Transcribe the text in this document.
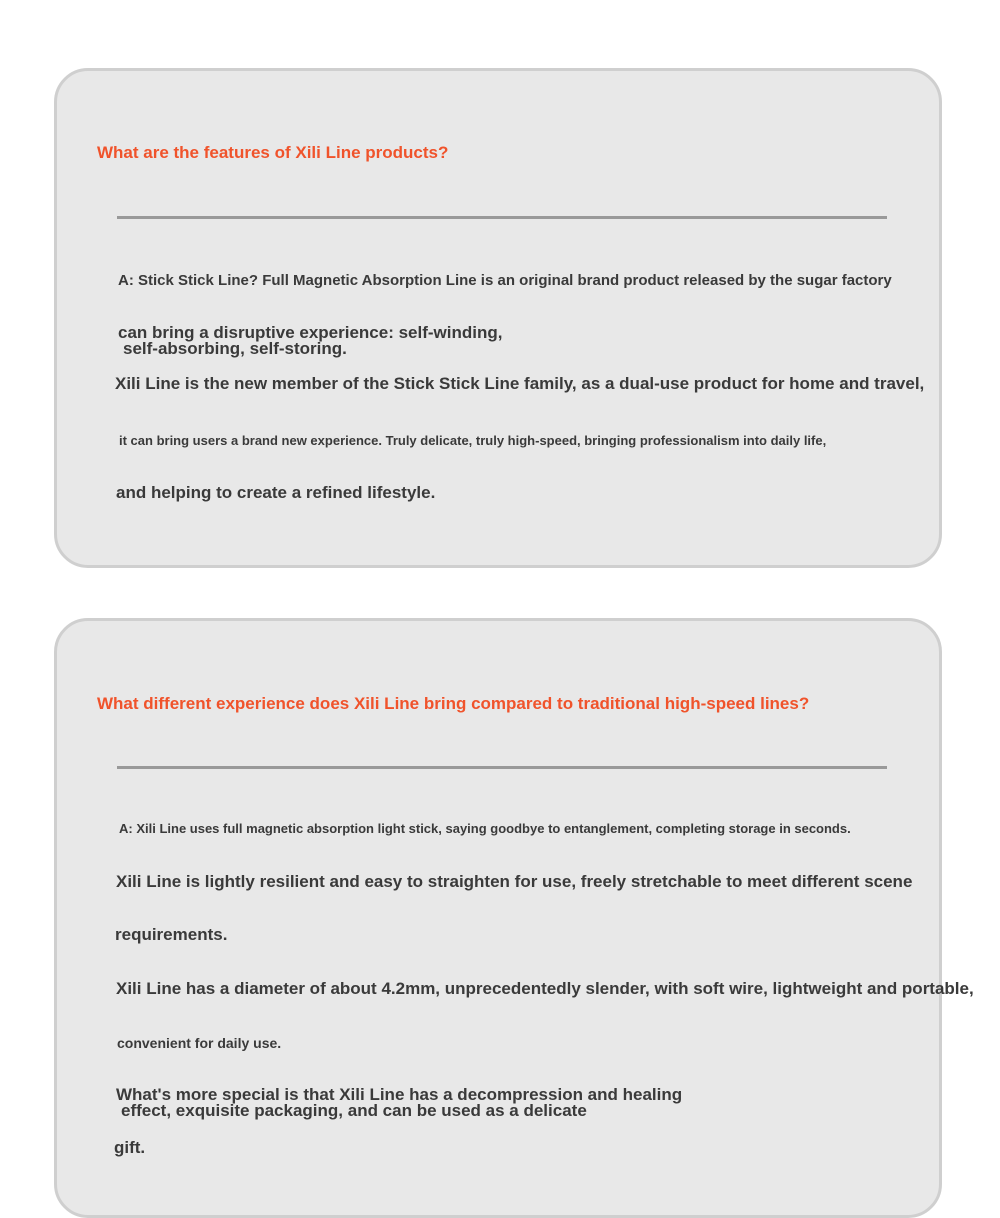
What are the features of Xili Line products?
A: Stick Stick Line? Full Magnetic Absorption Line is an original brand product released by the sugar factory
can bring a disruptive experience: self-winding,
self-absorbing, self-storing.
Xili Line is the new member of the Stick Stick Line family, as a dual-use product for home and travel,
it can bring users a brand new experience. Truly delicate, truly high-speed, bringing professionalism into daily life,
and helping to create a refined lifestyle.
What different experience does Xili Line bring compared to traditional high-speed lines?
A: Xili Line uses full magnetic absorption light stick, saying goodbye to entanglement, completing storage in seconds.
Xili Line is lightly resilient and easy to straighten for use, freely stretchable to meet different scene
requirements.
Xili Line has a diameter of about 4.2mm, unprecedentedly slender, with soft wire, lightweight and portable,
convenient for daily use.
What's more special is that Xili Line has a decompression and healing
effect, exquisite packaging, and can be used as a delicate
gift.
